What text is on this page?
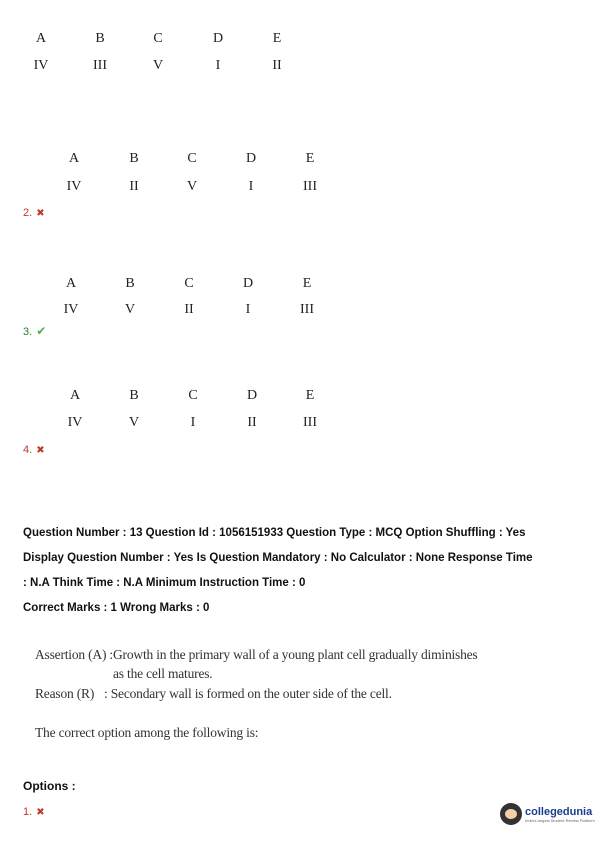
A	B	C	D	E
IV	III	V	I	II
A	B	C	D	E
IV	II	V	I	III
2. ✖
A	B	C	D	E
IV	V	II	I	III
3. ✔
A	B	C	D	E
IV	V	I	II	III
4. ✖
Question Number : 13 Question Id : 1056151933 Question Type : MCQ Option Shuffling : Yes
Display Question Number : Yes Is Question Mandatory : No Calculator : None Response Time
: N.A Think Time : N.A Minimum Instruction Time : 0
Correct Marks : 1 Wrong Marks : 0
Assertion (A) : Growth in the primary wall of a young plant cell gradually diminishes
as the cell matures.
Reason (R) : Secondary wall is formed on the outer side of the cell.
The correct option among the following is:
Options :
1. ✖	collegedunia
India's largest Student Review Platform
